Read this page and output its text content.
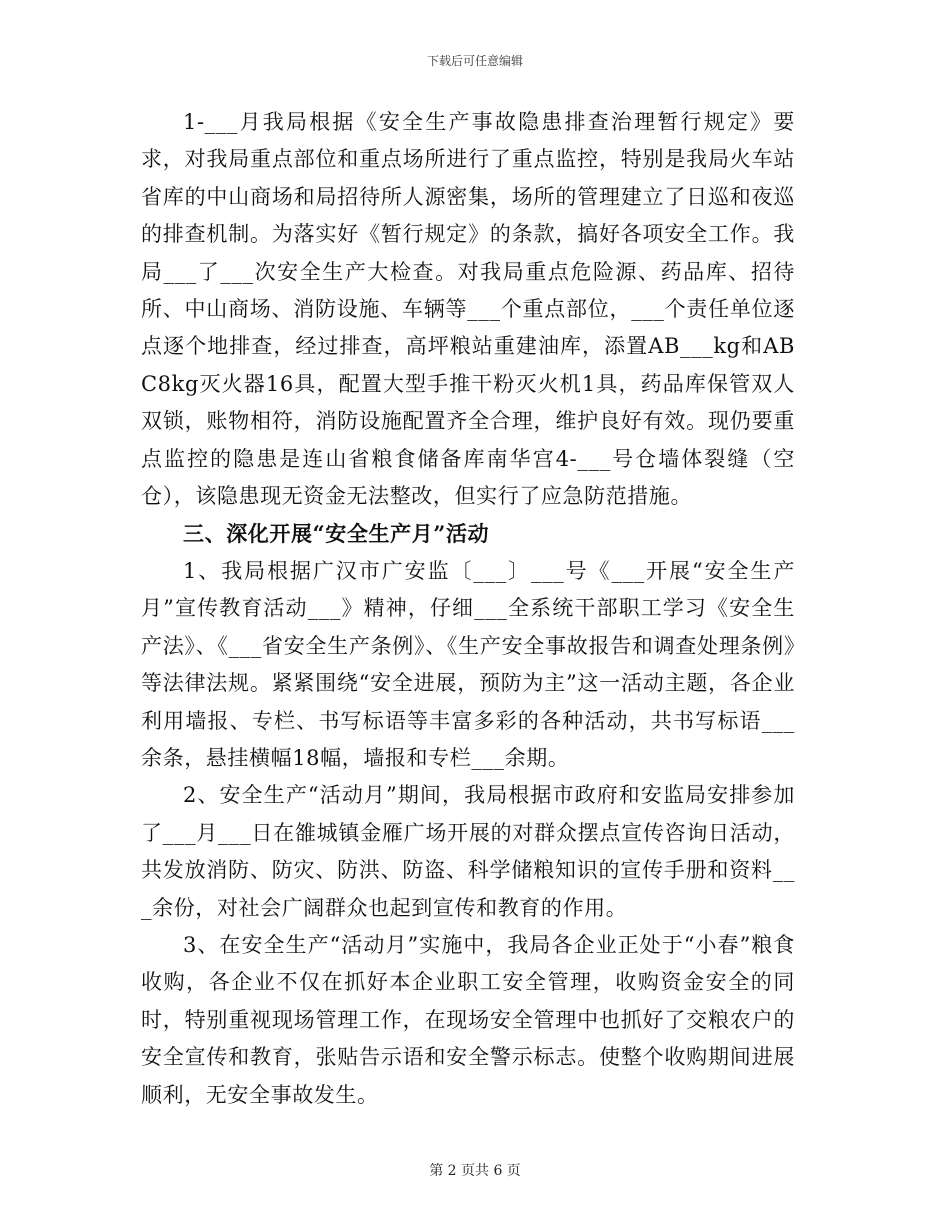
下载后可任意编辑

1-___月我局根据《安全生产事故隐患排查治理暂行规定》要求，对我局重点部位和重点场所进行了重点监控，特别是我局火车站省库的中山商场和局招待所人源密集，场所的管理建立了日巡和夜巡的排查机制。为落实好《暂行规定》的条款，搞好各项安全工作。我局___了___次安全生产大检查。对我局重点危险源、药品库、招待所、中山商场、消防设施、车辆等___个重点部位，___个责任单位逐点逐个地排查，经过排查，高坪粮站重建油库，添置AB___kg和ABC8kg灭火器16具，配置大型手推干粉灭火机1具，药品库保管双人双锁，账物相符，消防设施配置齐全合理，维护良好有效。现仍要重点监控的隐患是连山省粮食储备库南华宫4-___号仓墙体裂缝（空仓），该隐患现无资金无法整改，但实行了应急防范措施。

三、深化开展“安全生产月”活动

1、我局根据广汉市广安监〔___〕___号《___开展“安全生产月”宣传教育活动___》精神，仔细___全系统干部职工学习《安全生产法》、《___省安全生产条例》、《生产安全事故报告和调查处理条例》等法律法规。紧紧围绕“安全进展，预防为主”这一活动主题，各企业利用墙报、专栏、书写标语等丰富多彩的各种活动，共书写标语___余条，悬挂横幅18幅，墙报和专栏___余期。

2、安全生产“活动月”期间，我局根据市政府和安监局安排参加了___月___日在雒城镇金雁广场开展的对群众摆点宣传咨询日活动，共发放消防、防灾、防洪、防盗、科学储粮知识的宣传手册和资料___余份，对社会广阔群众也起到宣传和教育的作用。

3、在安全生产“活动月”实施中，我局各企业正处于“小春”粮食收购，各企业不仅在抓好本企业职工安全管理，收购资金安全的同时，特别重视现场管理工作，在现场安全管理中也抓好了交粮农户的安全宣传和教育，张贴告示语和安全警示标志。使整个收购期间进展顺利，无安全事故发生。

第 2 页共 6 页
